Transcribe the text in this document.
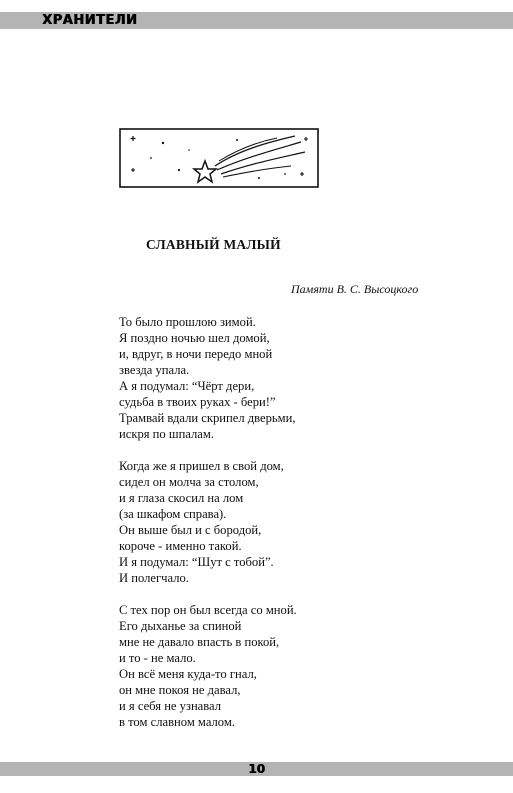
ХРАНИТЕЛИ
СЛАВНЫЙ МАЛЫЙ
Памяти В. С. Высоцкого
То было прошлою зимой.
Я поздно ночью шел домой,
и, вдруг, в ночи передо мной
звезда упала.
А я подумал: “Чёрт дери,
судьба в твоих руках - бери!”
Трамвай вдали скрипел дверьми,
искря по шпалам.
Когда же я пришел в свой дом,
сидел он молча за столом,
и я глаза скосил на лом
(за шкафом справа).
Он выше был и с бородой,
короче - именно такой.
И я подумал: “Шут с тобой”.
И полегчало.
С тех пор он был всегда со мной.
Его дыханье за спиной
мне не давало впасть в покой,
и то - не мало.
Он всё меня куда-то гнал,
он мне покоя не давал,
и я себя не узнавал
в том славном малом.
10
